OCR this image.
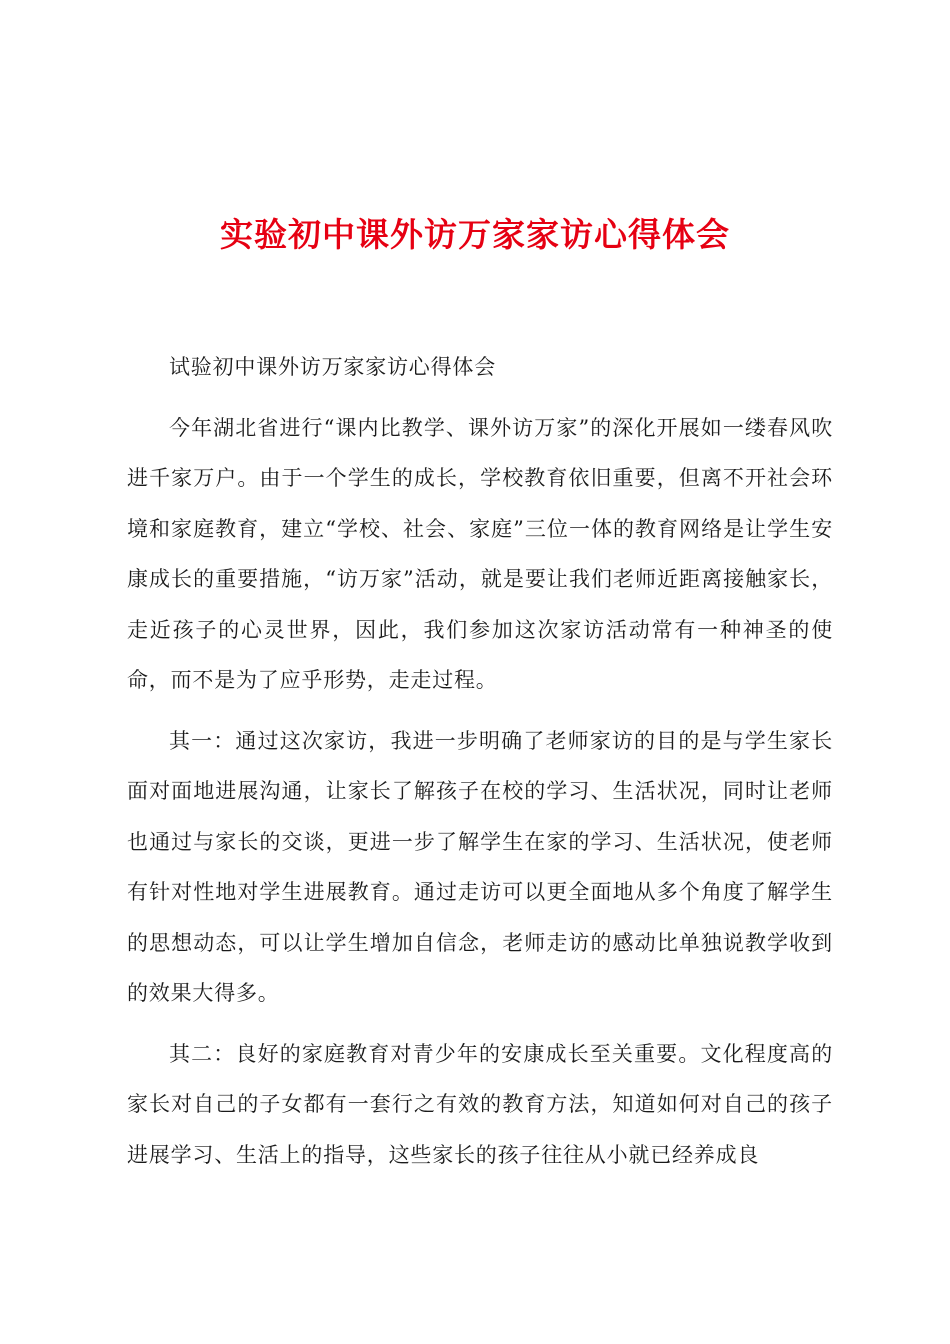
实验初中课外访万家家访心得体会

试验初中课外访万家家访心得体会

今年湖北省进行“课内比教学、课外访万家”的深化开展如一缕春风吹进千家万户。由于一个学生的成长，学校教育依旧重要，但离不开社会环境和家庭教育，建立“学校、社会、家庭”三位一体的教育网络是让学生安康成长的重要措施，“访万家”活动，就是要让我们老师近距离接触家长，走近孩子的心灵世界，因此，我们参加这次家访活动常有一种神圣的使命，而不是为了应乎形势，走走过程。

其一：通过这次家访，我进一步明确了老师家访的目的是与学生家长面对面地进展沟通，让家长了解孩子在校的学习、生活状况，同时让老师也通过与家长的交谈，更进一步了解学生在家的学习、生活状况，使老师有针对性地对学生进展教育。通过走访可以更全面地从多个角度了解学生的思想动态，可以让学生增加自信念，老师走访的感动比单独说教学收到的效果大得多。

其二：良好的家庭教育对青少年的安康成长至关重要。文化程度高的家长对自己的子女都有一套行之有效的教育方法，知道如何对自己的孩子进展学习、生活上的指导，这些家长的孩子往往从小就已经养成良
